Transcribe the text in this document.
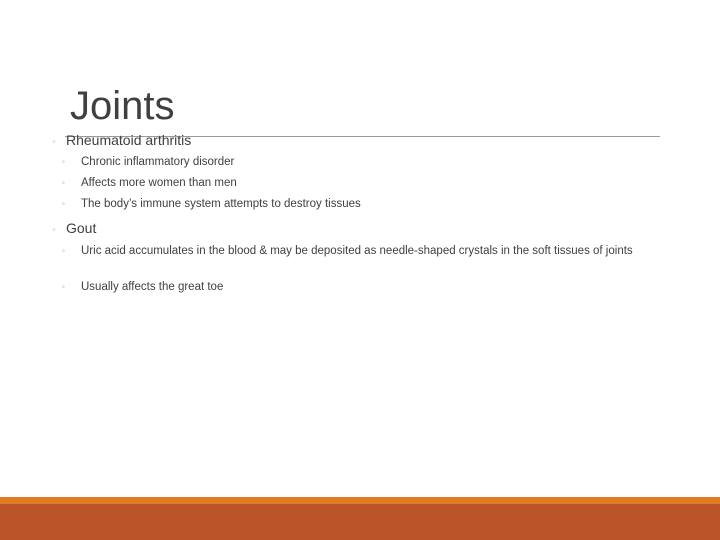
Joints
◦ Rheumatoid arthritis
◦	Chronic inflammatory disorder
◦	Affects more women than men
◦	The body’s immune system attempts to destroy tissues
◦ Gout
◦	Uric acid accumulates in the blood & may be deposited as needle-shaped crystals in the soft tissues of joints
◦	Usually affects the great toe
